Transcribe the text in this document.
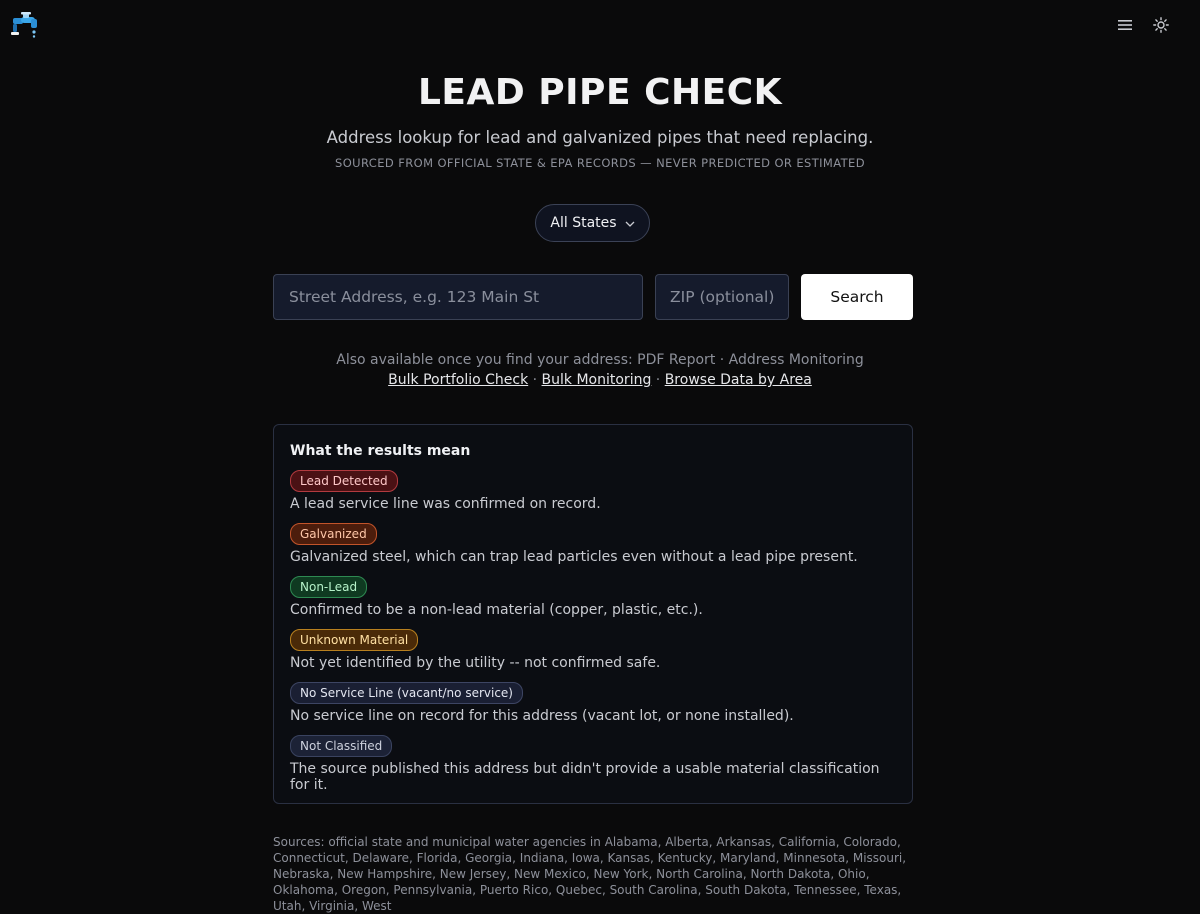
LEAD PIPE CHECK
Address lookup for lead and galvanized pipes that need replacing.
SOURCED FROM OFFICIAL STATE & EPA RECORDS — NEVER PREDICTED OR ESTIMATED
All States
Street Address, e.g. 123 Main St
ZIP (optional)
Search
Also available once you find your address: PDF Report · Address Monitoring
Bulk Portfolio Check · Bulk Monitoring · Browse Data by Area
What the results mean
Lead Detected
A lead service line was confirmed on record.
Galvanized
Galvanized steel, which can trap lead particles even without a lead pipe present.
Non-Lead
Confirmed to be a non-lead material (copper, plastic, etc.).
Unknown Material
Not yet identified by the utility -- not confirmed safe.
No Service Line (vacant/no service)
No service line on record for this address (vacant lot, or none installed).
Not Classified
The source published this address but didn't provide a usable material classification for it.
Sources: official state and municipal water agencies in Alabama, Alberta, Arkansas, California, Colorado, Connecticut, Delaware, Florida, Georgia, Indiana, Iowa, Kansas, Kentucky, Maryland, Minnesota, Missouri, Nebraska, New Hampshire, New Jersey, New Mexico, New York, North Carolina, North Dakota, Ohio, Oklahoma, Oregon, Pennsylvania, Puerto Rico, Quebec, South Carolina, South Dakota, Tennessee, Texas, Utah, Virginia, West
